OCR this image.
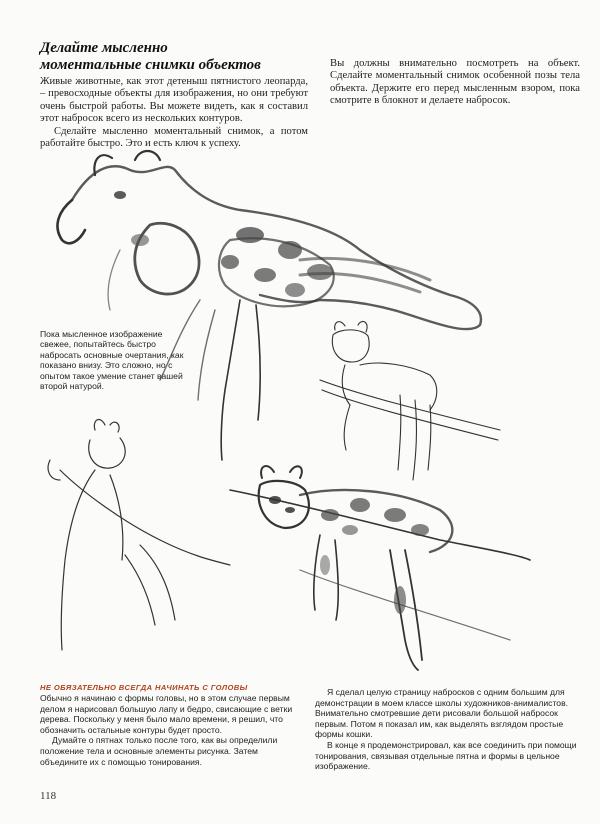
Делайте мысленно
моментальные снимки объектов

Живые животные, как этот детеныш пятнистого леопарда, – превосходные объекты для изображения, но они требуют очень быстрой работы. Вы можете видеть, как я составил этот набросок всего из нескольких контуров.

Сделайте мысленно моментальный снимок, а потом работайте быстро. Это и есть ключ к успеху.

Вы должны внимательно посмотреть на объект. Сделайте моментальный снимок особенной позы тела объекта. Держите его перед мысленным взором, пока смотрите в блокнот и делаете набросок.

Пока мысленное изображение свежее, попытайтесь быстро набросать основные очертания, как показано внизу. Это сложно, но с опытом такое умение станет вашей второй натурой.

НЕ ОБЯЗАТЕЛЬНО ВСЕГДА НАЧИНАТЬ С ГОЛОВЫ

Обычно я начинаю с формы головы, но в этом случае первым делом я нарисовал большую лапу и бедро, свисающие с ветки дерева. Поскольку у меня было мало времени, я решил, что обозначить остальные контуры будет просто.

Думайте о пятнах только после того, как вы определили положение тела и основные элементы рисунка. Затем объедините их с помощью тонирования.

Я сделал целую страницу набросков с одним большим для демонстрации в моем классе школы художников-анималистов. Внимательно смотревшие дети рисовали большой набросок первым. Потом я показал им, как выделять взглядом простые формы кошки.

В конце я продемонстрировал, как все соединить при помощи тонирования, связывая отдельные пятна и формы в цельное изображение.

118
